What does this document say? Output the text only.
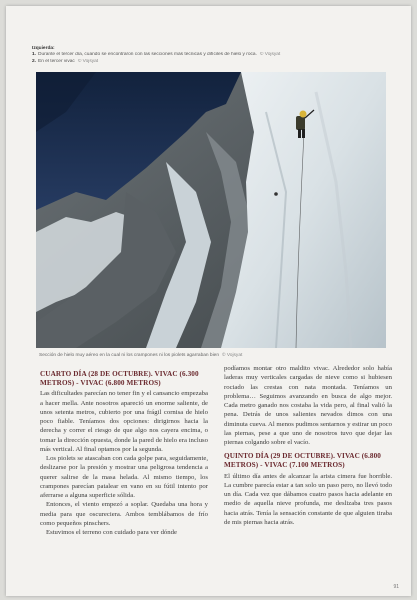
Izquierda:
1. Durante el tercer día, cuando se encontraron con las secciones más técnicas y difíciles de hielo y roca. © Vojsyat
2. En el tercer vivac © Vojsyat
Sección de hielo muy aéreo en la cual ni los crampones ni los piolets agarraban bien © Vojsyat
CUARTO DÍA (28 DE OCTUBRE). VIVAC (6.300 METROS) - VIVAC (6.800 METROS)

Las dificultades parecían no tener fin y el cansancio empezaba a hacer mella. Ante nosotros apareció un enorme saliente, de unos setenta metros, cubierto por una frágil cornisa de hielo poco fiable. Teníamos dos opciones: dirigirnos hacia la derecha y correr el riesgo de que algo nos cayera encima, o tomar la dirección opuesta, donde la pared de hielo era incluso más vertical. Al final optamos por la segunda.

Los piolets se atascaban con cada golpe para, seguidamente, deslizarse por la presión y mostrar una peligrosa tendencia a querer salirse de la masa helada. Al mismo tiempo, los crampones parecían patalear en vano en su fútil intento por aferrarse a alguna superficie sólida.

Entonces, el viento empezó a soplar. Quedaba una hora y media para que oscureciera. Ambos temblábamos de frío como pequeños pinschers.

Estuvimos el terreno con cuidado para ver dónde

podíamos montar otro maldito vivac. Alrededor solo había laderas muy verticales cargadas de nieve como si hubiesen rociado las crestas con nata montada. Teníamos un problema… Seguimos avanzando en busca de algo mejor. Cada metro ganado nos costaba la vida pero, al final valió la pena. Detrás de unos salientes nevados dimos con una diminuta cueva. Al menos pudimos sentarnos y estirar un poco las piernas, pese a que uno de nosotros tuvo que dejar las piernas colgando sobre el vacío.

QUINTO DÍA (29 DE OCTUBRE). VIVAC (6.800 METROS) - VIVAC (7.100 METROS)

El último día antes de alcanzar la arista cimera fue horrible. La cumbre parecía estar a tan solo un paso pero, no llevó todo un día. Cada vez que dábamos cuatro pasos hacia adelante en medio de aquella nieve profunda, me deslizaba tres pasos hacia atrás. Tenía la sensación constante de que alguien tiraba de mis piernas hacia atrás.

91
